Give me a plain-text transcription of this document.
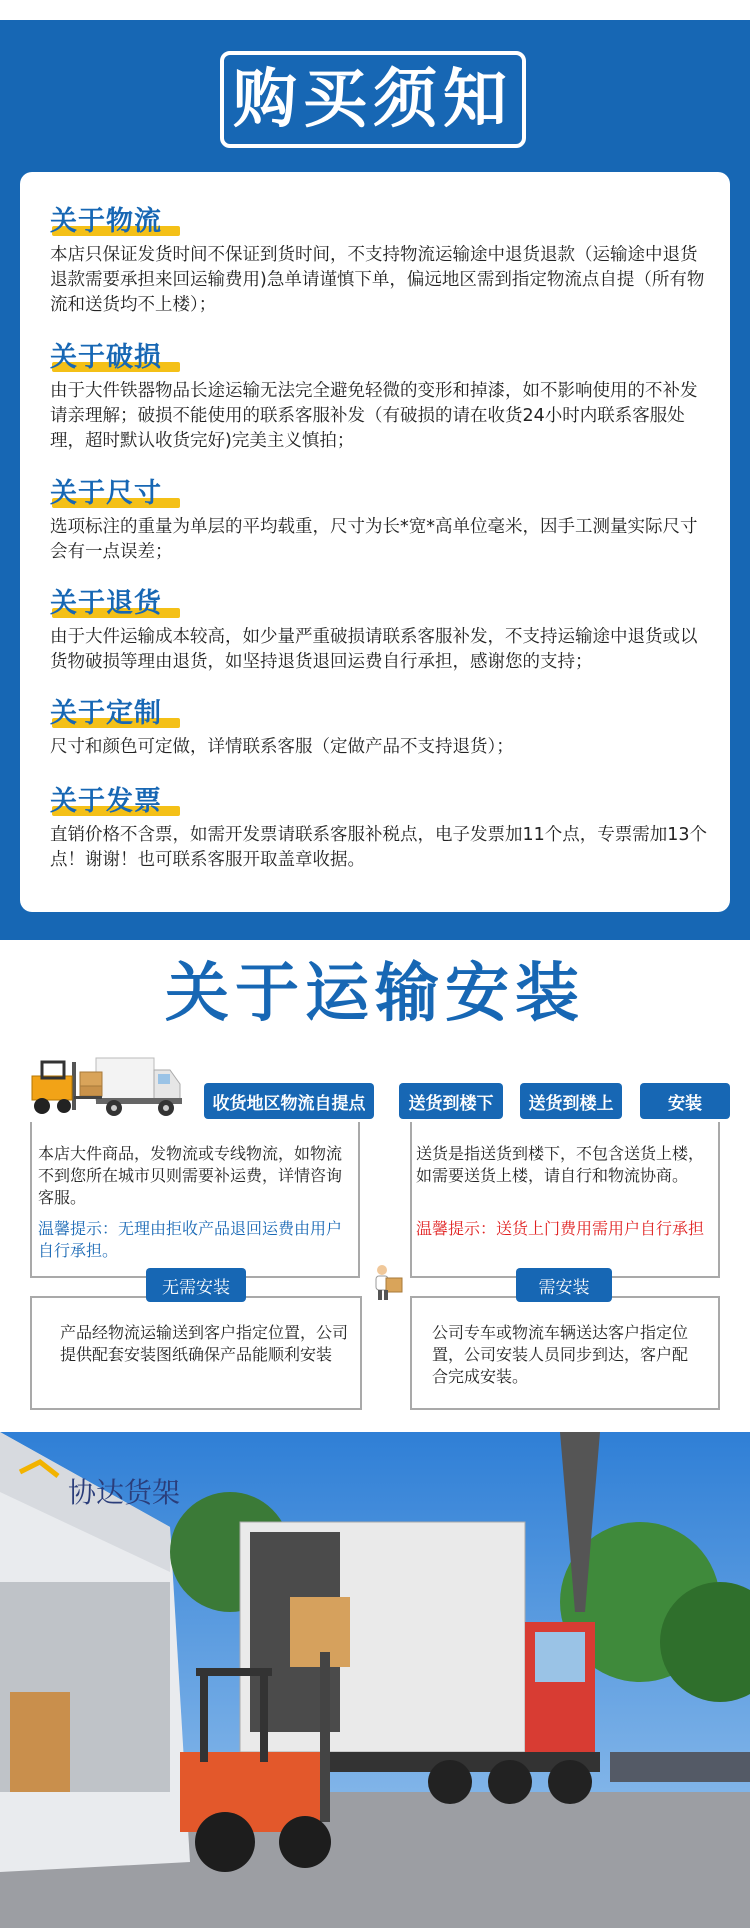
购买须知
关于物流
本店只保证发货时间不保证到货时间，不支持物流运输途中退货退款（运输途中退货退款需要承担来回运输费用)急单请谨慎下单，偏远地区需到指定物流点自提（所有物流和送货均不上楼）；
关于破损
由于大件铁器物品长途运输无法完全避免轻微的变形和掉漆，如不影响使用的不补发请亲理解；破损不能使用的联系客服补发（有破损的请在收货24小时内联系客服处理，超时默认收货完好)完美主义慎拍；
关于尺寸
选项标注的重量为单层的平均载重，尺寸为长*宽*高单位毫米，因手工测量实际尺寸会有一点误差；
关于退货
由于大件运输成本较高，如少量严重破损请联系客服补发，不支持运输途中退货或以货物破损等理由退货，如坚持退货退回运费自行承担，感谢您的支持；
关于定制
尺寸和颜色可定做，详情联系客服（定做产品不支持退货）；
关于发票
直销价格不含票，如需开发票请联系客服补税点，电子发票加11个点，专票需加13个点！谢谢！也可联系客服开取盖章收据。
关于运输安装
收货地区物流自提点	送货到楼下	送货到楼上	安装
本店大件商品，发物流或专线物流，如物流不到您所在城市贝则需要补运费，详情咨询客服。
温馨提示：无理由拒收产品退回运费由用户自行承担。
送货是指送货到楼下，不包含送货上楼，如需要送货上楼，请自行和物流协商。
温馨提示：送货上门费用需用户自行承担
无需安装
产品经物流运输送到客户指定位置，公司提供配套安装图纸确保产品能顺利安装
需安装
公司专车或物流车辆送达客户指定位置，公司安装人员同步到达，客户配合完成安装。
协达货架
